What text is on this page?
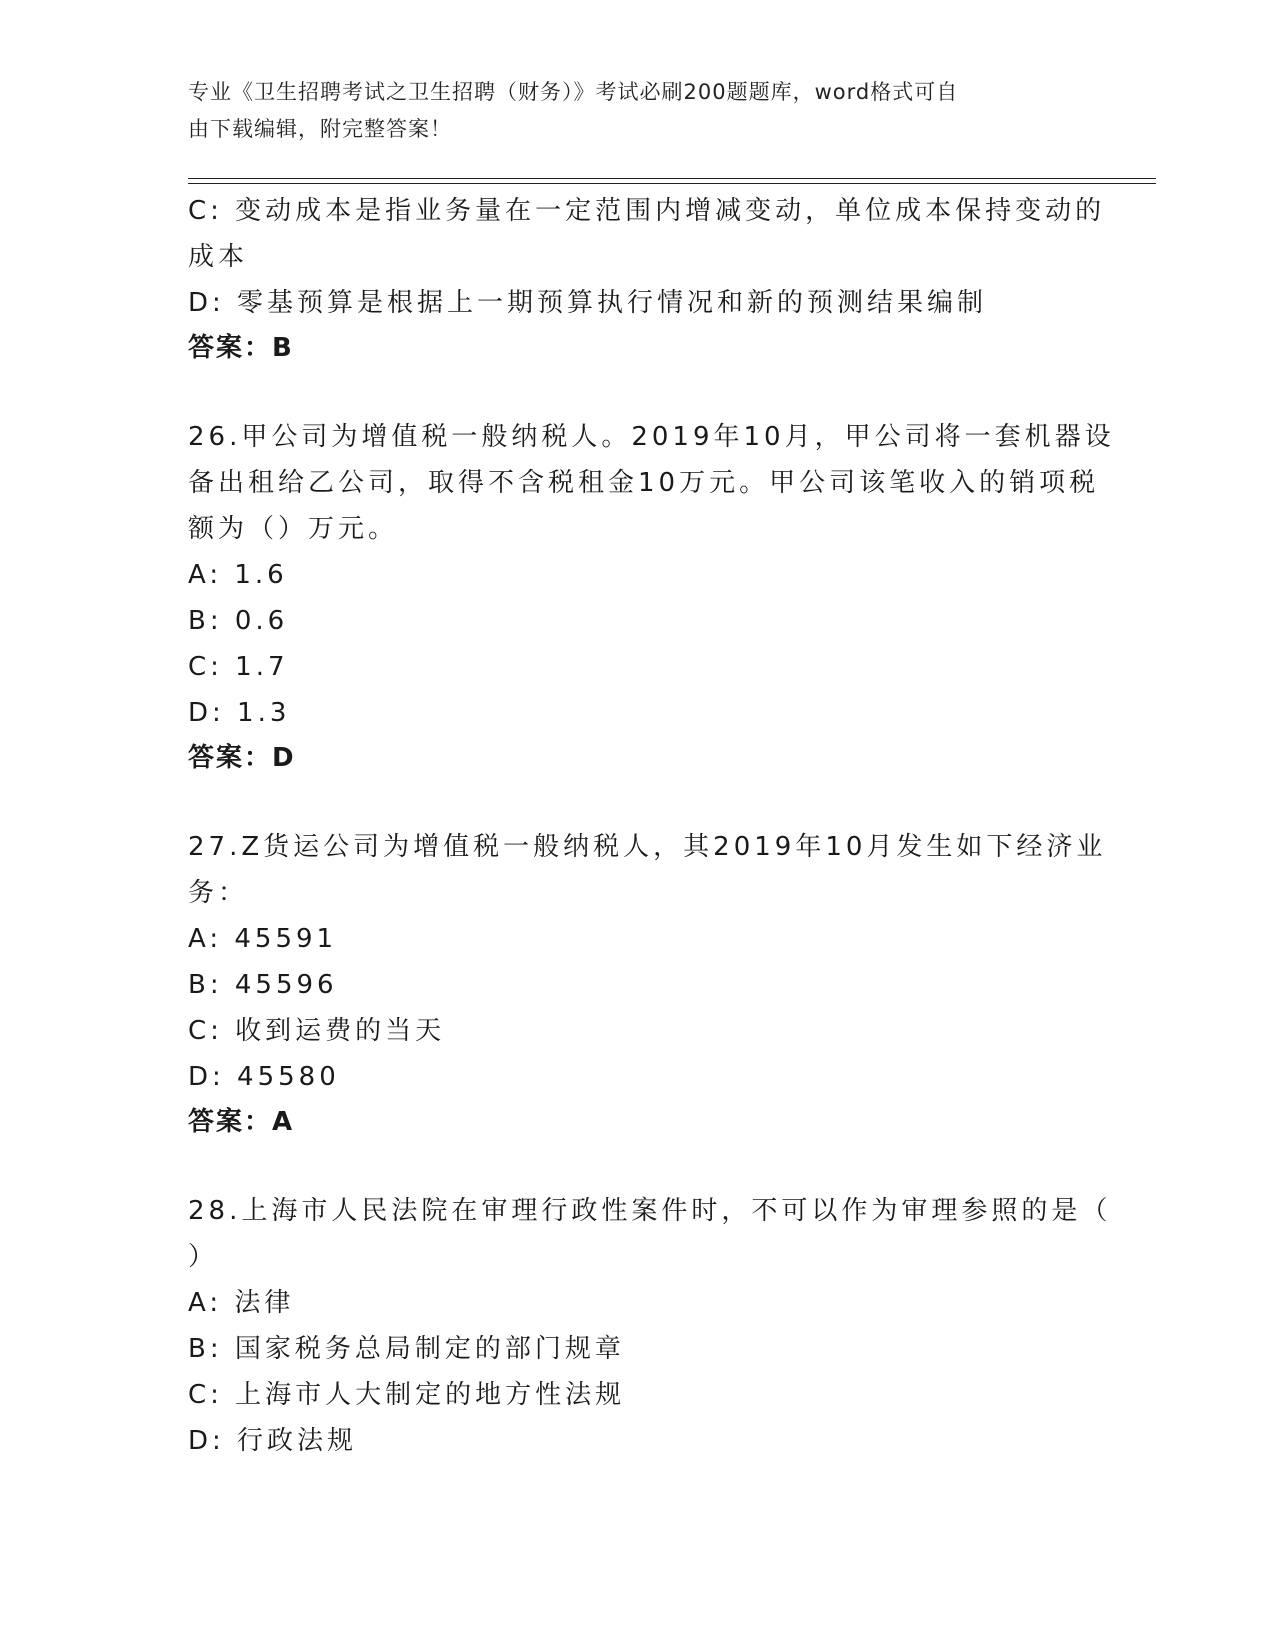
专业《卫生招聘考试之卫生招聘（财务）》考试必刷200题题库，word格式可自
由下载编辑，附完整答案！
C: 变动成本是指业务量在一定范围内增减变动，单位成本保持变动的
成本
D: 零基预算是根据上一期预算执行情况和新的预测结果编制
答案：B
26.甲公司为增值税一般纳税人。2019年10月，甲公司将一套机器设
备出租给乙公司，取得不含税租金10万元。甲公司该笔收入的销项税
额为（）万元。
A: 1.6
B: 0.6
C: 1.7
D: 1.3
答案：D
27.Z货运公司为增值税一般纳税人，其2019年10月发生如下经济业
务：
A: 45591
B: 45596
C: 收到运费的当天
D: 45580
答案：A
28.上海市人民法院在审理行政性案件时，不可以作为审理参照的是（
）
A: 法律
B: 国家税务总局制定的部门规章
C: 上海市人大制定的地方性法规
D: 行政法规
